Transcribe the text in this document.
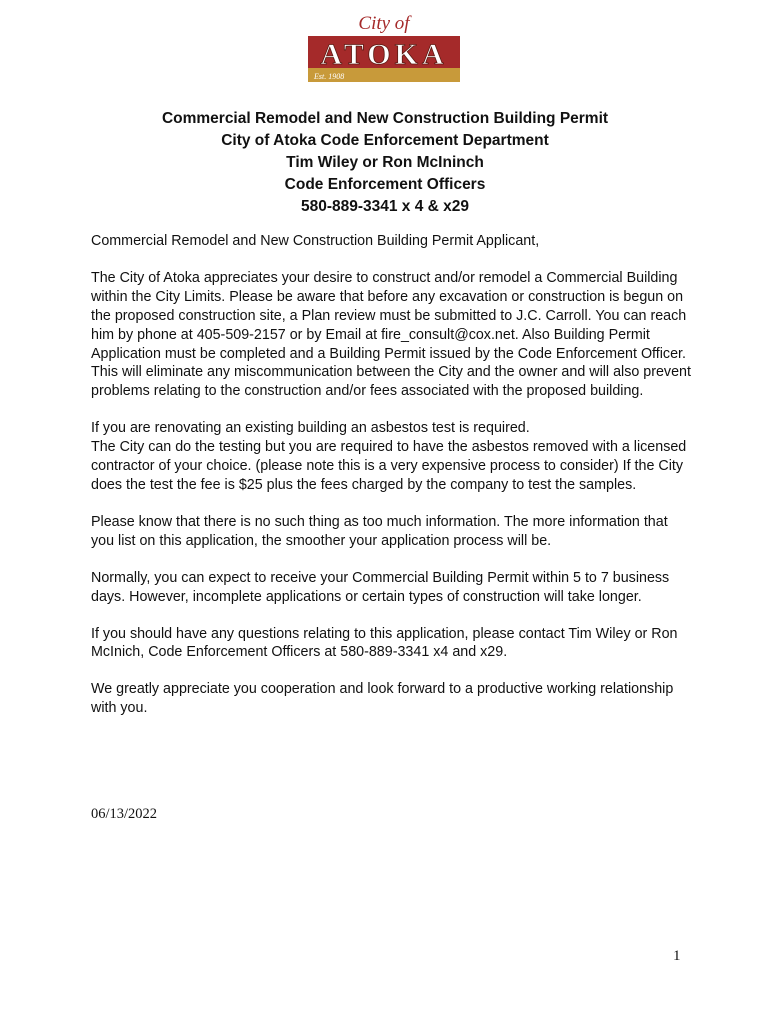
City of
ATOKA
Est. 1908
Commercial Remodel and New Construction Building Permit
City of Atoka Code Enforcement Department
Tim Wiley or Ron McIninch
Code Enforcement Officers
580-889-3341 x 4 & x29

Commercial Remodel and New Construction Building Permit Applicant,

The City of Atoka appreciates your desire to construct and/or remodel a Commercial Building within the City Limits. Please be aware that before any excavation or construction is begun on the proposed construction site, a Plan review must be submitted to J.C. Carroll. You can reach him by phone at 405-509-2157 or by Email at fire_consult@cox.net. Also Building Permit Application must be completed and a Building Permit issued by the Code Enforcement Officer. This will eliminate any miscommunication between the City and the owner and will also prevent problems relating to the construction and/or fees associated with the proposed building.

If you are renovating an existing building an asbestos test is required.
The City can do the testing but you are required to have the asbestos removed with a licensed contractor of your choice. (please note this is a very expensive process to consider) If the City does the test the fee is $25 plus the fees charged by the company to test the samples.

Please know that there is no such thing as too much information. The more information that you list on this application, the smoother your application process will be.

Normally, you can expect to receive your Commercial Building Permit within 5 to 7 business days. However, incomplete applications or certain types of construction will take longer.

If you should have any questions relating to this application, please contact Tim Wiley or Ron McInich, Code Enforcement Officers at 580-889-3341 x4 and x29.

We greatly appreciate you cooperation and look forward to a productive working relationship with you.

06/13/2022
1
